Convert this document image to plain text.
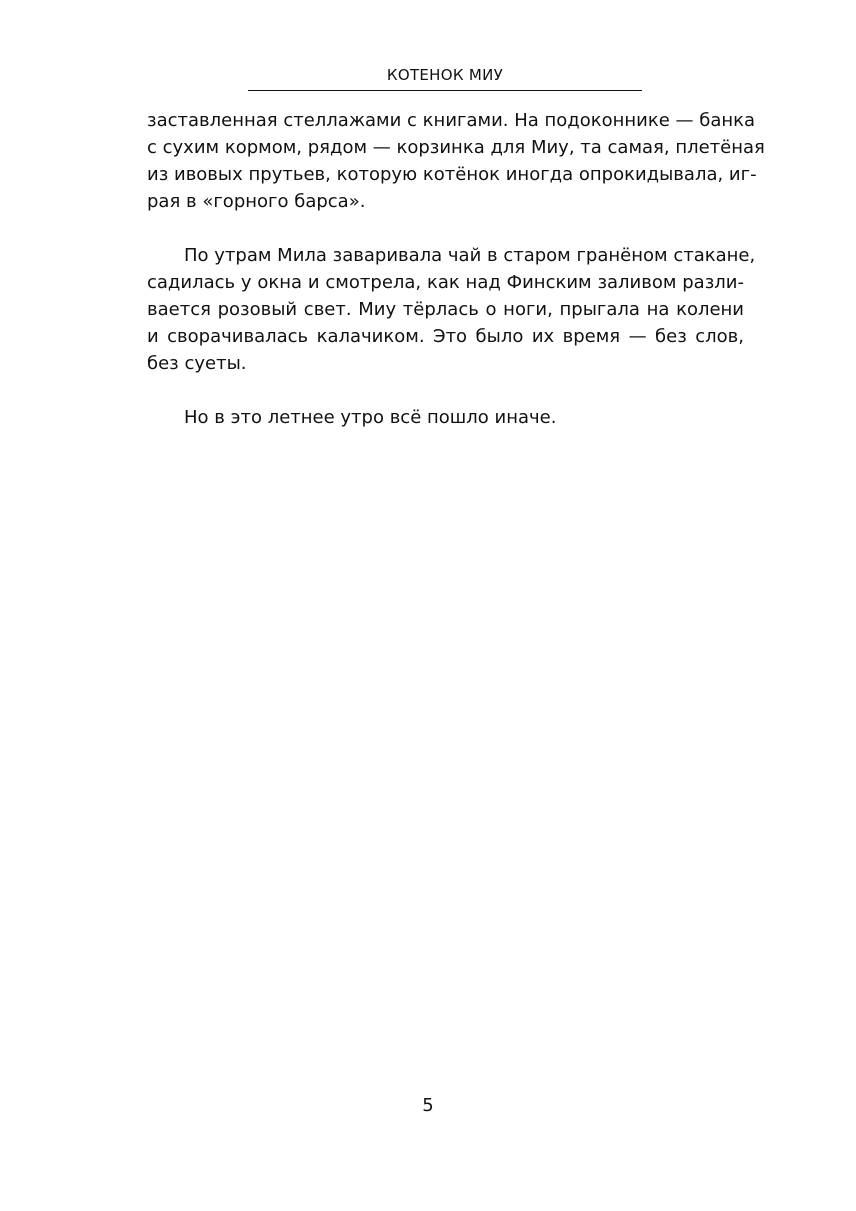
КОТЕНОК МИУ

заставленная стеллажами с книгами. На подоконнике — банка
с сухим кормом, рядом — корзинка для Миу, та самая, плетёная
из ивовых прутьев, которую котёнок иногда опрокидывала, иг-
рая в «горного барса».

По утрам Мила заваривала чай в старом гранёном стакане,
садилась у окна и смотрела, как над Финским заливом разли-
вается розовый свет. Миу тёрлась о ноги, прыгала на колени
и сворачивалась калачиком. Это было их время — без слов,
без суеты.

Но в это летнее утро всё пошло иначе.

5
